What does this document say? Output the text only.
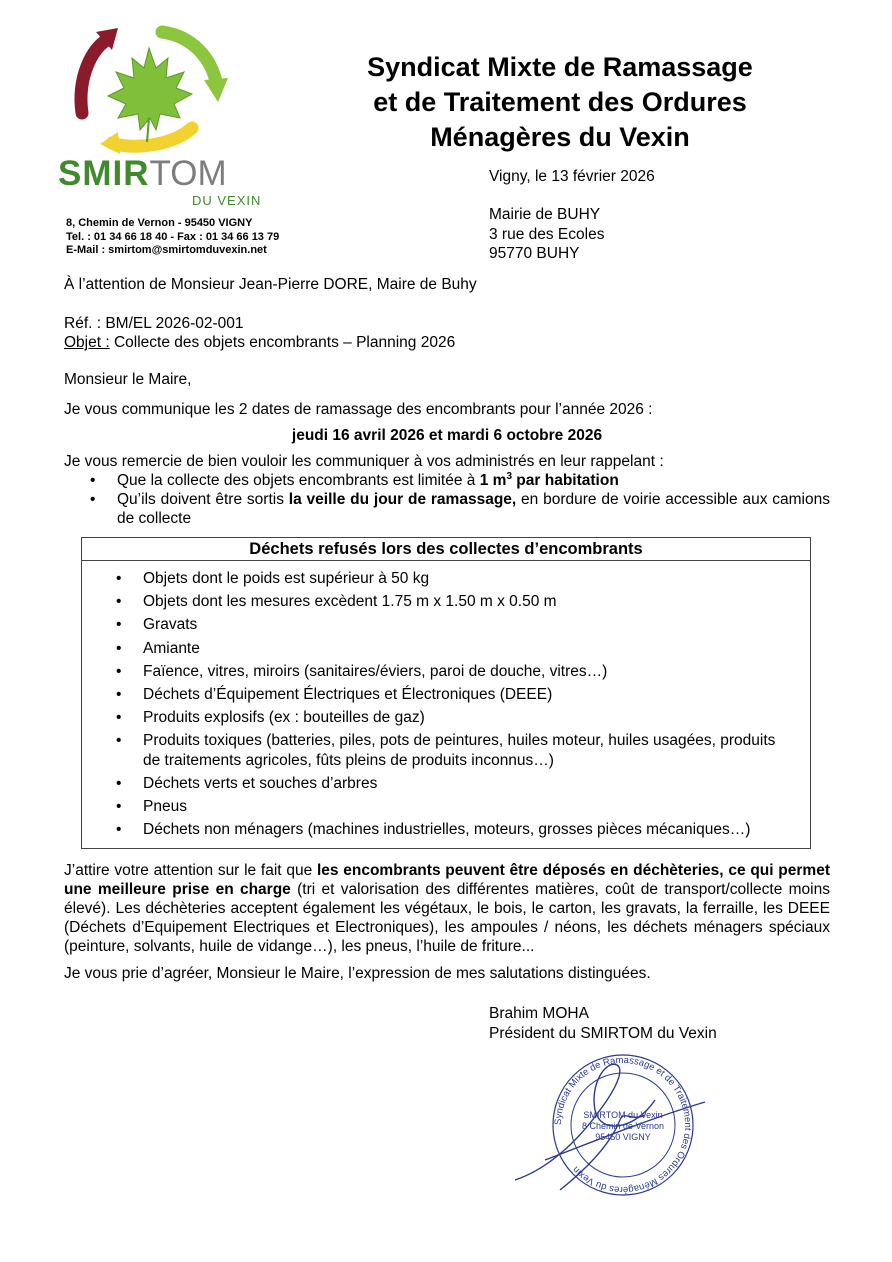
SMIRTOM
DU VEXIN
8, Chemin de Vernon - 95450 VIGNY
Tel. : 01 34 66 18 40 - Fax : 01 34 66 13 79
E-Mail : smirtom@smirtomduvexin.net
Syndicat Mixte de Ramassage
et de Traitement des Ordures
Ménagères du Vexin
Vigny, le 13 février 2026
Mairie de BUHY
3 rue des Ecoles
95770 BUHY
À l’attention de Monsieur Jean-Pierre DORE, Maire de Buhy
Réf. : BM/EL 2026-02-001
Objet : Collecte des objets encombrants – Planning 2026
Monsieur le Maire,
Je vous communique les 2 dates de ramassage des encombrants pour l’année 2026 :
jeudi 16 avril 2026 et mardi 6 octobre 2026
Je vous remercie de bien vouloir les communiquer à vos administrés en leur rappelant :
• Que la collecte des objets encombrants est limitée à 1 $m^3$ par habitation
• Qu’ils doivent être sortis la veille du jour de ramassage, en bordure de voirie accessible aux camions de collecte
Déchets refusés lors des collectes d’encombrants
• Objets dont le poids est supérieur à 50 kg
• Objets dont les mesures excèdent 1.75 m x 1.50 m x 0.50 m
• Gravats
• Amiante
• Faïence, vitres, miroirs (sanitaires/éviers, paroi de douche, vitres…)
• Déchets d’Équipement Électriques et Électroniques (DEEE)
• Produits explosifs (ex : bouteilles de gaz)
• Produits toxiques (batteries, piles, pots de peintures, huiles moteur, huiles usagées, produits de traitements agricoles, fûts pleins de produits inconnus…)
• Déchets verts et souches d’arbres
• Pneus
• Déchets non ménagers (machines industrielles, moteurs, grosses pièces mécaniques…)
J’attire votre attention sur le fait que les encombrants peuvent être déposés en déchèteries, ce qui permet une meilleure prise en charge (tri et valorisation des différentes matières, coût de transport/collecte moins élevé). Les déchèteries acceptent également les végétaux, le bois, le carton, les gravats, la ferraille, les DEEE (Déchets d’Equipement Electriques et Electroniques), les ampoules / néons, les déchets ménagers spéciaux (peinture, solvants, huile de vidange…), les pneus, l’huile de friture...
Je vous prie d’agréer, Monsieur le Maire, l’expression de mes salutations distinguées.
Brahim MOHA
Président du SMIRTOM du Vexin
Syndicat Mixte de Ramassage et de Traitement des Ordures Ménagères du Vexin
SMIRTOM du Vexin
8 Chemin de Vernon
95450 VIGNY
